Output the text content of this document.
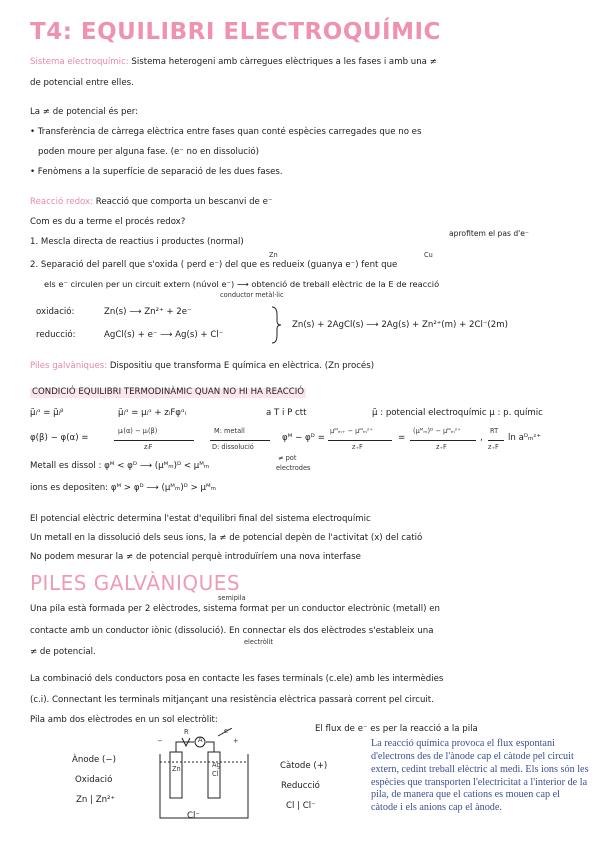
T4: EQUILIBRI ELECTROQUÍMIC
Sistema electroquímic: Sistema heterogeni amb càrregues elèctriques a les fases i amb una ≠
de potencial entre elles.
La ≠ de potencial és per:
• Transferència de càrrega elèctrica entre fases quan conté espècies carregades que no es
poden moure per alguna fase. (e⁻ no en dissolució)
• Fenòmens a la superfície de separació de les dues fases.
Reacció redox: Reacció que comporta un bescanvi de e⁻
Com es du a terme el procés redox?
aprofitem el pas d'e⁻
1. Mescla directa de reactius i productes (normal)
Zn	Cu
2. Separació del parell que s'oxida ( perd e⁻) del que es redueix (guanya e⁻) fent que
els e⁻ circulen per un circuit extern (núvol e⁻) ⟶ obtenció de treball elèctric de la E de reacció
conductor metàl·lic
oxidació:	Zn(s) ⟶ Zn²⁺ + 2e⁻
reducció:	AgCl(s) + e⁻ ⟶ Ag(s) + Cl⁻
Zn(s) + 2AgCl(s) ⟶ 2Ag(s) + Zn²⁺(m) + 2Cl⁻(2m)
Piles galvàniques: Dispositiu que transforma E química en elèctrica. (Zn procés)
CONDICIÓ EQUILIBRI TERMODINÀMIC QUAN NO HI HA REACCIÓ
μ̃ᵢᵅ = μ̃ᵢᵝ	μ̃ᵢᵅ = μᵢᵅ + zᵢFφᵅᵢ	a T i P ctt	μ̃ : potencial electroquímic μ : p. químic
φ(β) − φ(α) =
μᵢ(α) − μᵢ(β)
zᵢF
M: metall
D: dissolució
φᴹ − φᴰ =
μᴹₘ₊ − μᴹₘᶻ⁺
z₊F
=
(μᴹₘ)ᴰ − μᴹₘᶻ⁺
z₊F
,
RT
z₊F
ln aᴰₘᶻ⁺
Metall es dissol : φᴹ < φᴰ ⟶ (μᴹₘ)ᴰ < μᴹₘ
≠ pot
electrodes
ions es depositen: φᴹ > φᴰ ⟶ (μᴹₘ)ᴰ > μᴹₘ
El potencial elèctric determina l'estat d'equilibri final del sistema electroquímic
Un metall en la dissolució dels seus ions, la ≠ de potencial depèn de l'activitat (x) del catió
No podem mesurar la ≠ de potencial perquè introduïríem una nova interfase
PILES GALVÀNIQUES
semipila
Una pila està formada per 2 elèctrodes, sistema format per un conductor electrònic (metall) en
contacte amb un conductor iònic (dissolució). En connectar els dos elèctrodes s'estableix una
electròlit
≠ de potencial.
La combinació dels conductors posa en contacte les fases terminals (c.ele) amb les intermèdies
(c.i). Connectant les terminals mitjançant una resistència elèctrica passarà corrent pel circuit.
Pila amb dos elèctrodes en un sol electròlit:
El flux de e⁻ es per la reacció a la pila
Ànode (−)
Oxidació
Zn | Zn²⁺
Càtode (+)
Reducció
Cl | Cl⁻
−	+
R
A
e⁻
Zn	Ag
Cl
Cl⁻
La reacció química provoca el flux espontani d'electrons des de l'ànode cap el càtode pel circuit extern, cedint treball elèctric al medi. Els ions són les espècies que transporten l'electricitat a l'interior de la pila, de manera que el cations es mouen cap el càtode i els anions cap el ànode.
